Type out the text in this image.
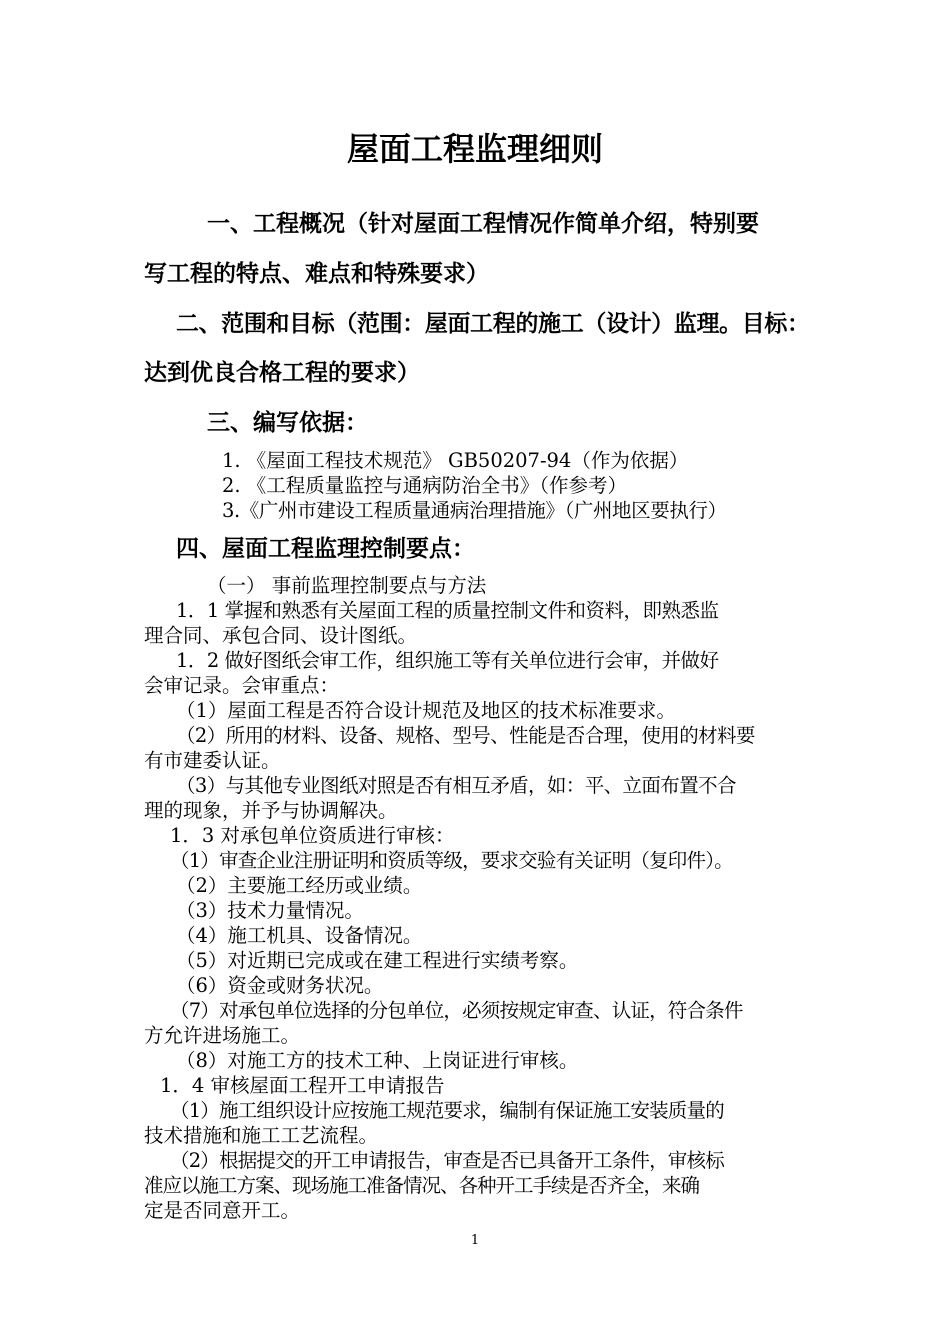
屋面工程监理细则
一、工程概况（针对屋面工程情况作简单介绍，特别要
写工程的特点、难点和特殊要求）
二、范围和目标（范围：屋面工程的施工（设计）监理。目标：
达到优良合格工程的要求）
三、编写依据：
1. 《屋面工程技术规范》 GB50207-94（作为依据）
2. 《工程质量监控与通病防治全书》（作参考）
3.《广州市建设工程质量通病治理措施》（广州地区要执行）
四、屋面工程监理控制要点：
（一） 事前监理控制要点与方法
1．1 掌握和熟悉有关屋面工程的质量控制文件和资料，即熟悉监
理合同、承包合同、设计图纸。
1．2 做好图纸会审工作，组织施工等有关单位进行会审，并做好
会审记录。会审重点：
（1）屋面工程是否符合设计规范及地区的技术标准要求。
（2）所用的材料、设备、规格、型号、性能是否合理，使用的材料要
有市建委认证。
（3）与其他专业图纸对照是否有相互矛盾，如：平、立面布置不合
理的现象，并予与协调解决。
1．3 对承包单位资质进行审核：
（1）审查企业注册证明和资质等级，要求交验有关证明（复印件）。
（2）主要施工经历或业绩。
（3）技术力量情况。
（4）施工机具、设备情况。
（5）对近期已完成或在建工程进行实绩考察。
（6）资金或财务状况。
（7）对承包单位选择的分包单位，必须按规定审查、认证，符合条件
方允许进场施工。
（8）对施工方的技术工种、上岗证进行审核。
1．4 审核屋面工程开工申请报告
（1）施工组织设计应按施工规范要求，编制有保证施工安装质量的
技术措施和施工工艺流程。
（2）根据提交的开工申请报告，审查是否已具备开工条件，审核标
准应以施工方案、现场施工准备情况、各种开工手续是否齐全，来确
定是否同意开工。
1
